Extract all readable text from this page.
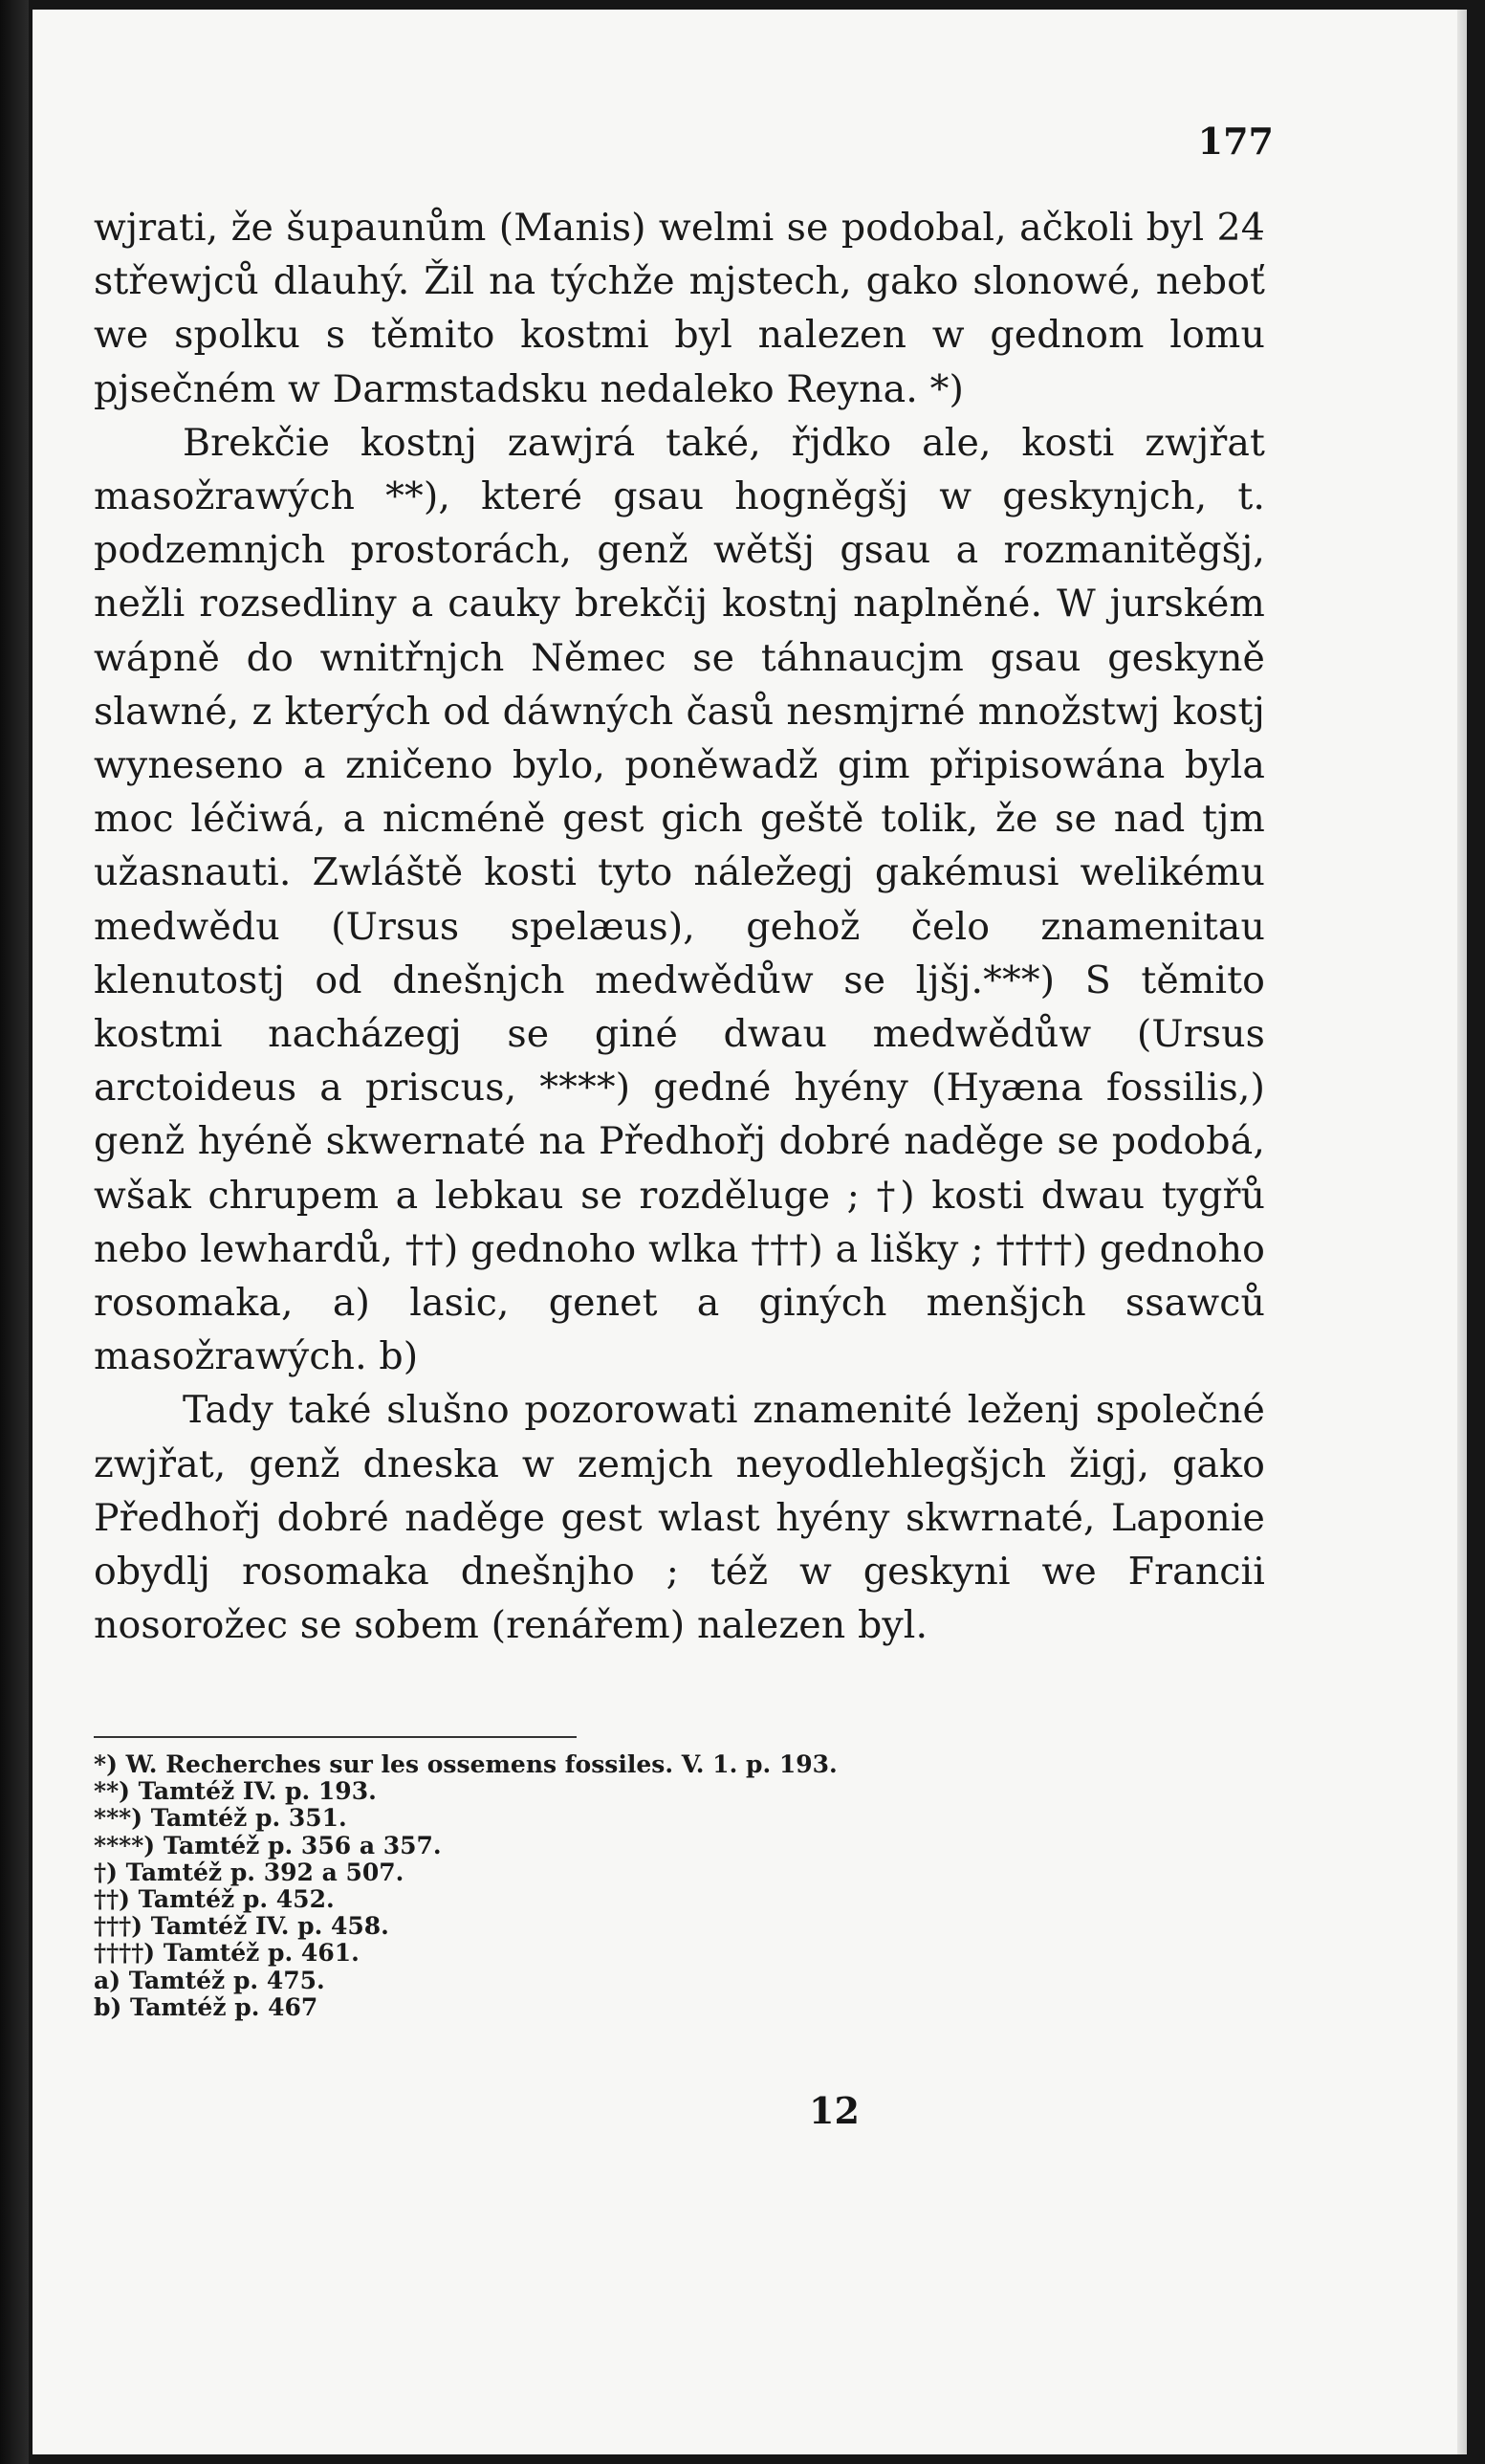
177

wjrati, že šupaunům (Manis) welmi se podobal, ačkoli byl 24 střewjců dlauhý. Žil na týchže mjstech, gako slonowé, neboť we spolku s těmito kostmi byl nalezen w gednom lomu pjsečném w Darmstadsku nedaleko Reyna. *)

Brekčie kostnj zawjrá také, řjdko ale, kosti zwjřat masožrawých **), které gsau hogněgšj w geskynjch, t. podzemnjch prostorách, genž wětšj gsau a rozmanitěgšj, nežli rozsedliny a cauky brekčij kostnj naplněné. W jurském wápně do wnitřnjch Němec se táhnaucjm gsau geskyně slawné, z kterých od dáwných časů nesmjrné množstwj kostj wyneseno a zničeno bylo, poněwadž gim připisowána byla moc léčiwá, a nicméně gest gich geště tolik, že se nad tjm užasnauti. Zwláště kosti tyto náležegj gakémusi welikému medwědu (Ursus spelæus), gehož čelo znamenitau klenutostj od dnešnjch medwědůw se ljšj.***) S těmito kostmi nacházegj se giné dwau medwědůw (Ursus arctoideus a priscus, ****) gedné hyény (Hyæna fossilis,) genž hyéně skwernaté na Předhořj dobré naděge se podobá, wšak chrupem a lebkau se rozděluge ; †) kosti dwau tygřů nebo lewhardů, ††) gednoho wlka †††) a lišky ; ††††) gednoho rosomaka, a) lasic, genet a giných menšjch ssawců masožrawých. b)

Tady také slušno pozorowati znamenité leženj společné zwjřat, genž dneska w zemjch neyodlehlegšjch žigj, gako Předhořj dobré naděge gest wlast hyény skwrnaté, Laponie obydlj rosomaka dnešnjho ; též w geskyni we Francii nosorožec se sobem (renářem) nalezen byl.

*) W. Recherches sur les ossemens fossiles. V. 1. p. 193.
**) Tamtéž IV. p. 193.
***) Tamtéž p. 351.
****) Tamtéž p. 356 a 357.
†) Tamtéž p. 392 a 507.
††) Tamtéž p. 452.
†††) Tamtéž IV. p. 458.
††††) Tamtéž p. 461.
a) Tamtéž p. 475.
b) Tamtéž p. 467
12
